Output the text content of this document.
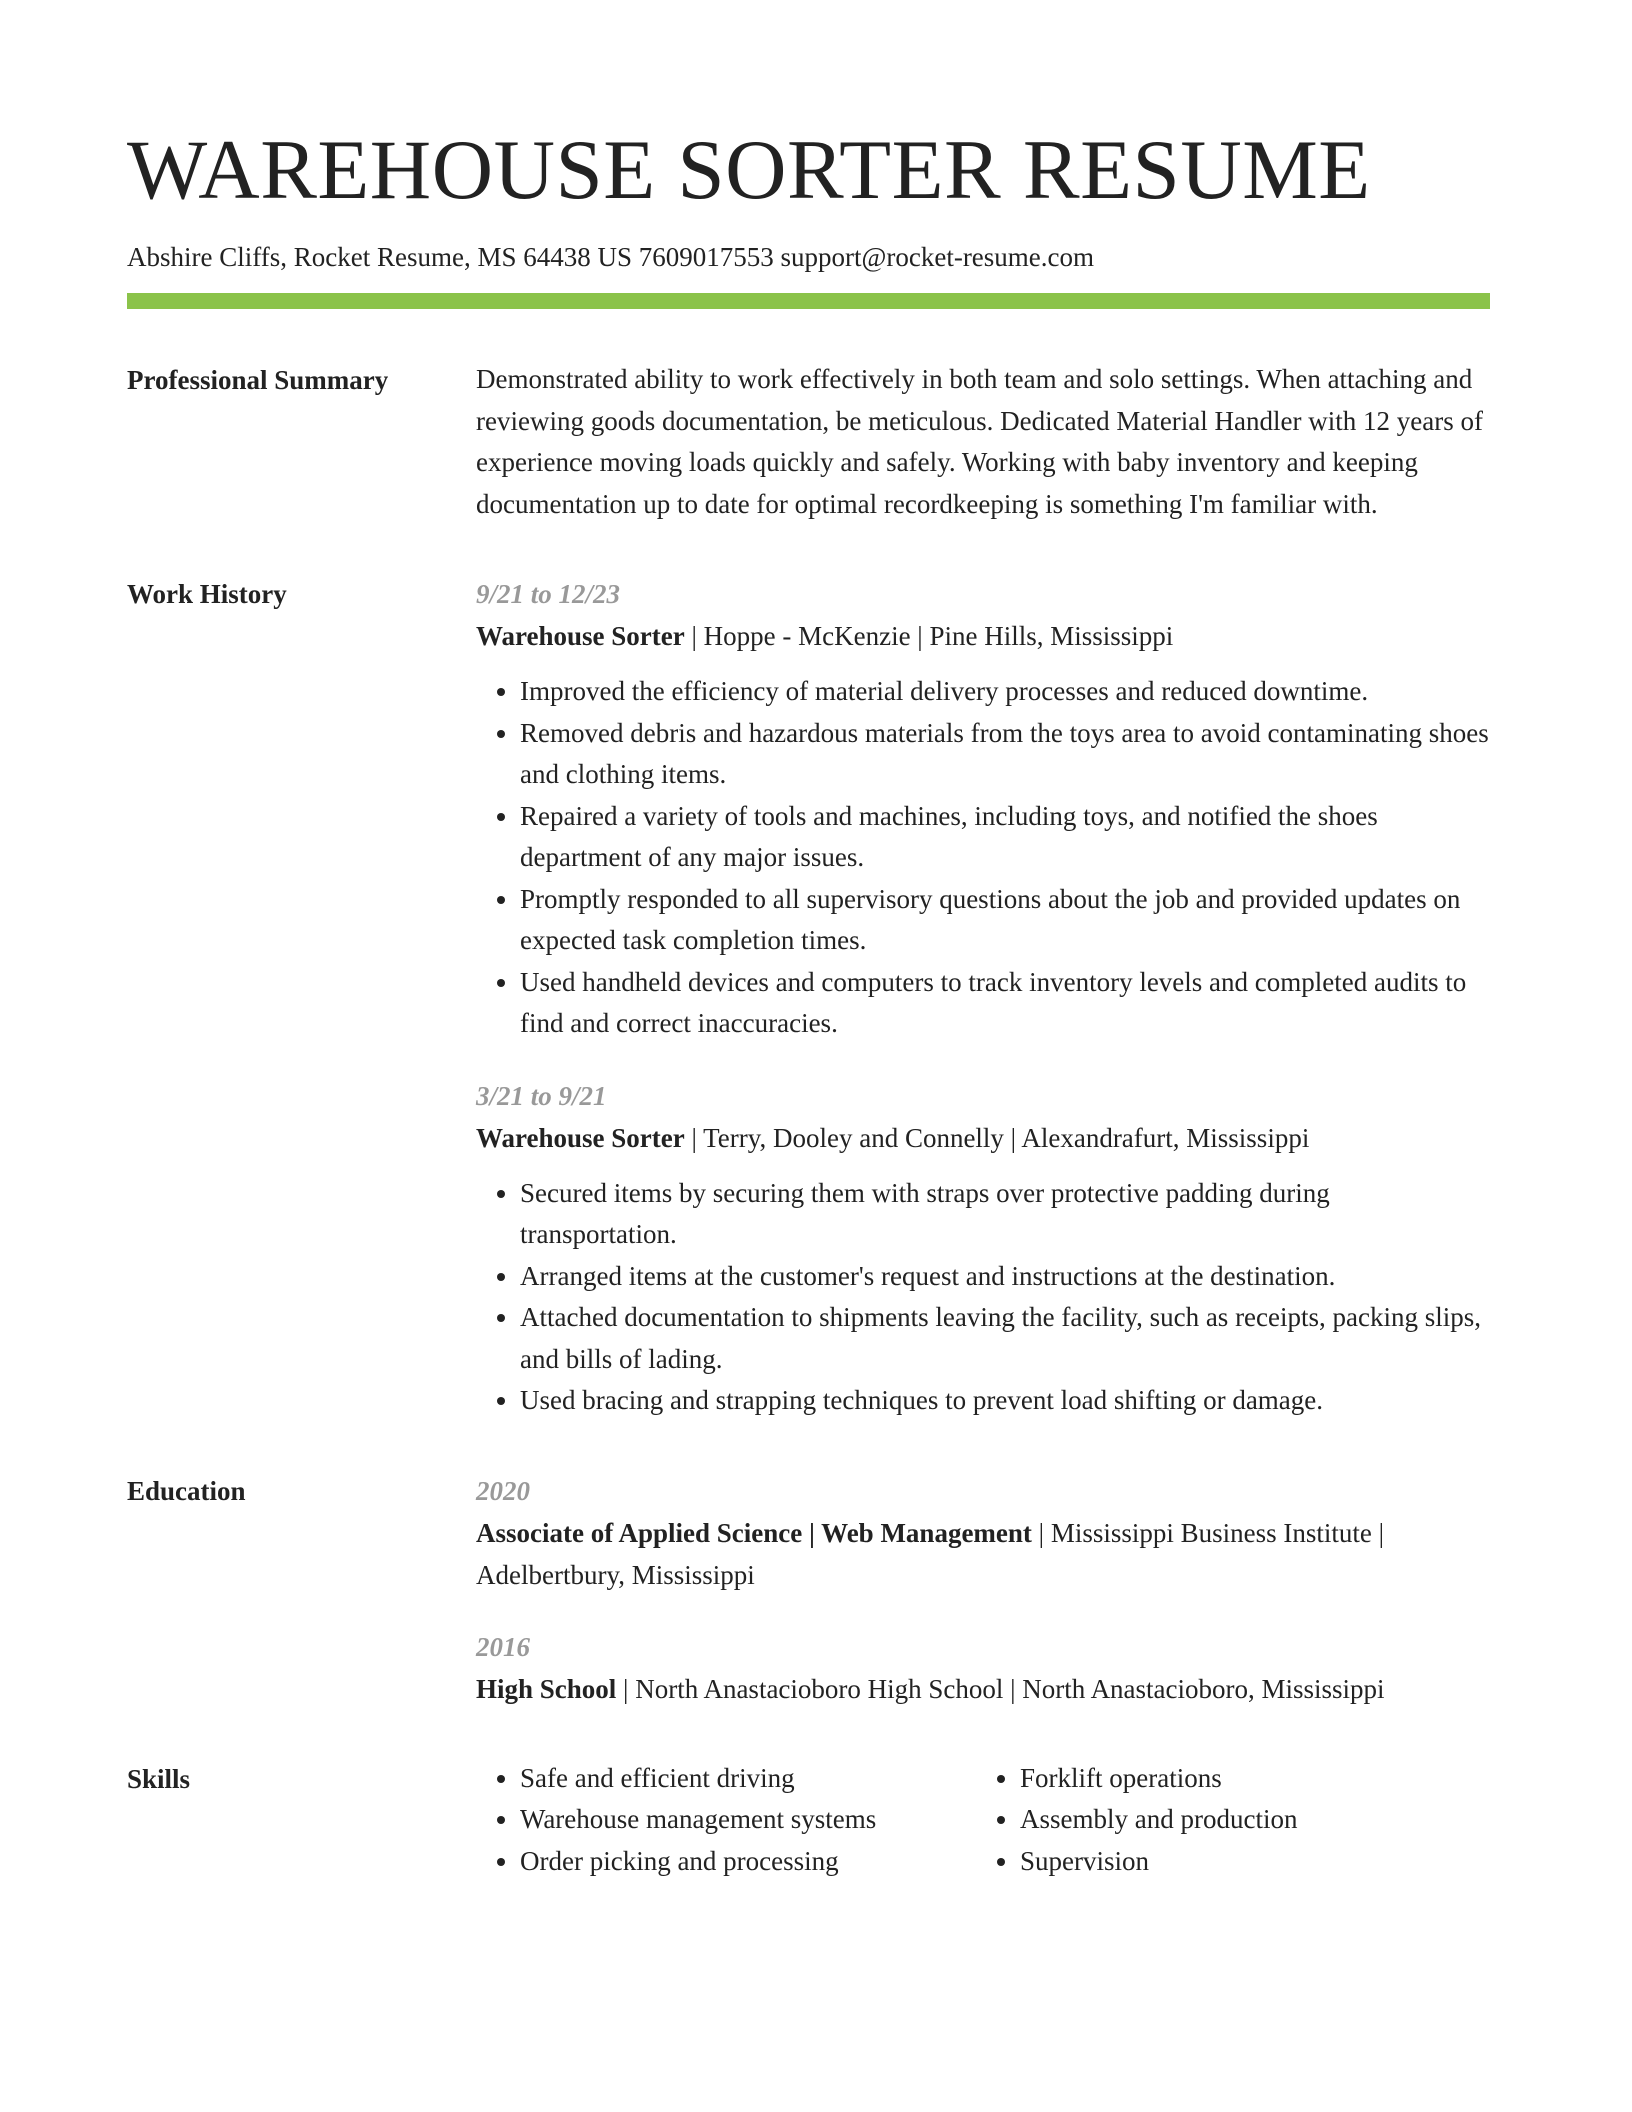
WAREHOUSE SORTER RESUME
Abshire Cliffs, Rocket Resume, MS 64438 US 7609017553 support@rocket-resume.com
Professional Summary	Demonstrated ability to work effectively in both team and solo settings. When attaching and reviewing goods documentation, be meticulous. Dedicated Material Handler with 12 years of experience moving loads quickly and safely. Working with baby inventory and keeping documentation up to date for optimal recordkeeping is something I'm familiar with.
Work History	9/21 to 12/23
Warehouse Sorter | Hoppe - McKenzie | Pine Hills, Mississippi
• Improved the efficiency of material delivery processes and reduced downtime.
• Removed debris and hazardous materials from the toys area to avoid contaminating shoes and clothing items.
• Repaired a variety of tools and machines, including toys, and notified the shoes department of any major issues.
• Promptly responded to all supervisory questions about the job and provided updates on expected task completion times.
• Used handheld devices and computers to track inventory levels and completed audits to find and correct inaccuracies.
3/21 to 9/21
Warehouse Sorter | Terry, Dooley and Connelly | Alexandrafurt, Mississippi
• Secured items by securing them with straps over protective padding during transportation.
• Arranged items at the customer's request and instructions at the destination.
• Attached documentation to shipments leaving the facility, such as receipts, packing slips, and bills of lading.
• Used bracing and strapping techniques to prevent load shifting or damage.
Education	2020
Associate of Applied Science | Web Management | Mississippi Business Institute | Adelbertbury, Mississippi
2016
High School | North Anastacioboro High School | North Anastacioboro, Mississippi
Skills
•	Safe and efficient driving
• Warehouse management systems
• Order picking and processing
• Forklift operations
• Assembly and production
• Supervision
